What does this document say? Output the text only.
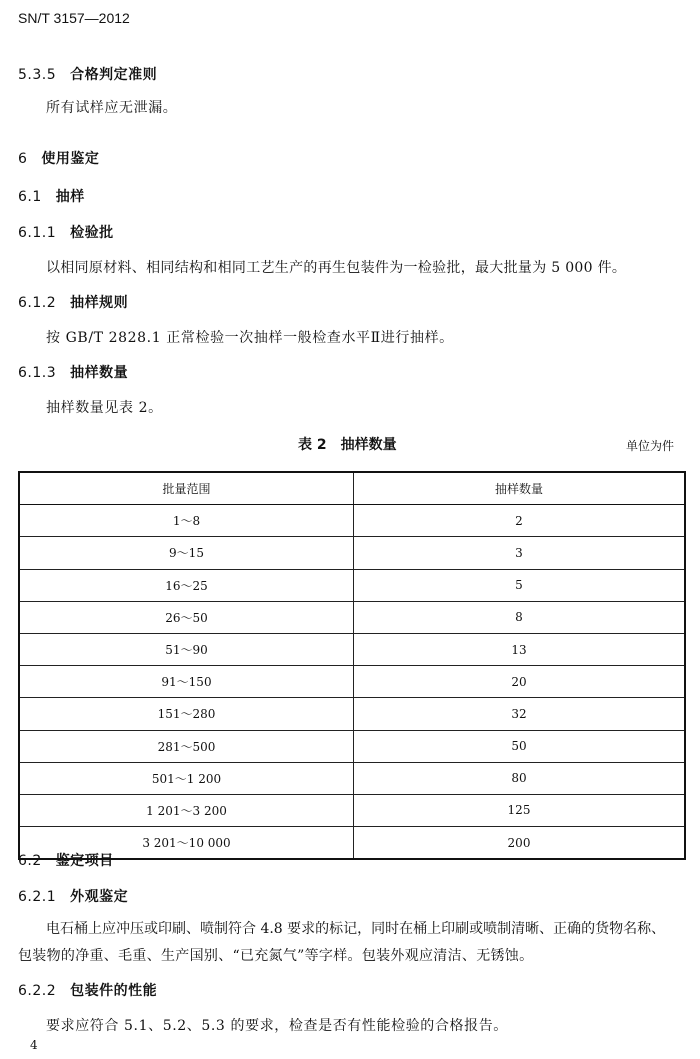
SN/T 3157—2012
5.3.5 合格判定准则
所有试样应无泄漏。
6 使用鉴定
6.1 抽样
6.1.1 检验批
以相同原材料、相同结构和相同工艺生产的再生包装件为一检验批，最大批量为 5 000 件。
6.1.2 抽样规则
按 GB/T 2828.1 正常检验一次抽样一般检查水平Ⅱ进行抽样。
6.1.3 抽样数量
抽样数量见表 2。
表 2　抽样数量	单位为件
批量范围	抽样数量
1～8	2
9～15	3
16～25	5
26～50	8
51～90	13
91～150	20
151～280	32
281～500	50
501～1 200	80
1 201～3 200	125
3 201～10 000	200
6.2 鉴定项目
6.2.1 外观鉴定
电石桶上应冲压或印刷、喷制符合 4.8 要求的标记，同时在桶上印刷或喷制清晰、正确的货物名称、
包装物的净重、毛重、生产国别、“已充氮气”等字样。包装外观应清洁、无锈蚀。
6.2.2 包装件的性能
要求应符合 5.1、5.2、5.3 的要求，检查是否有性能检验的合格报告。
4
